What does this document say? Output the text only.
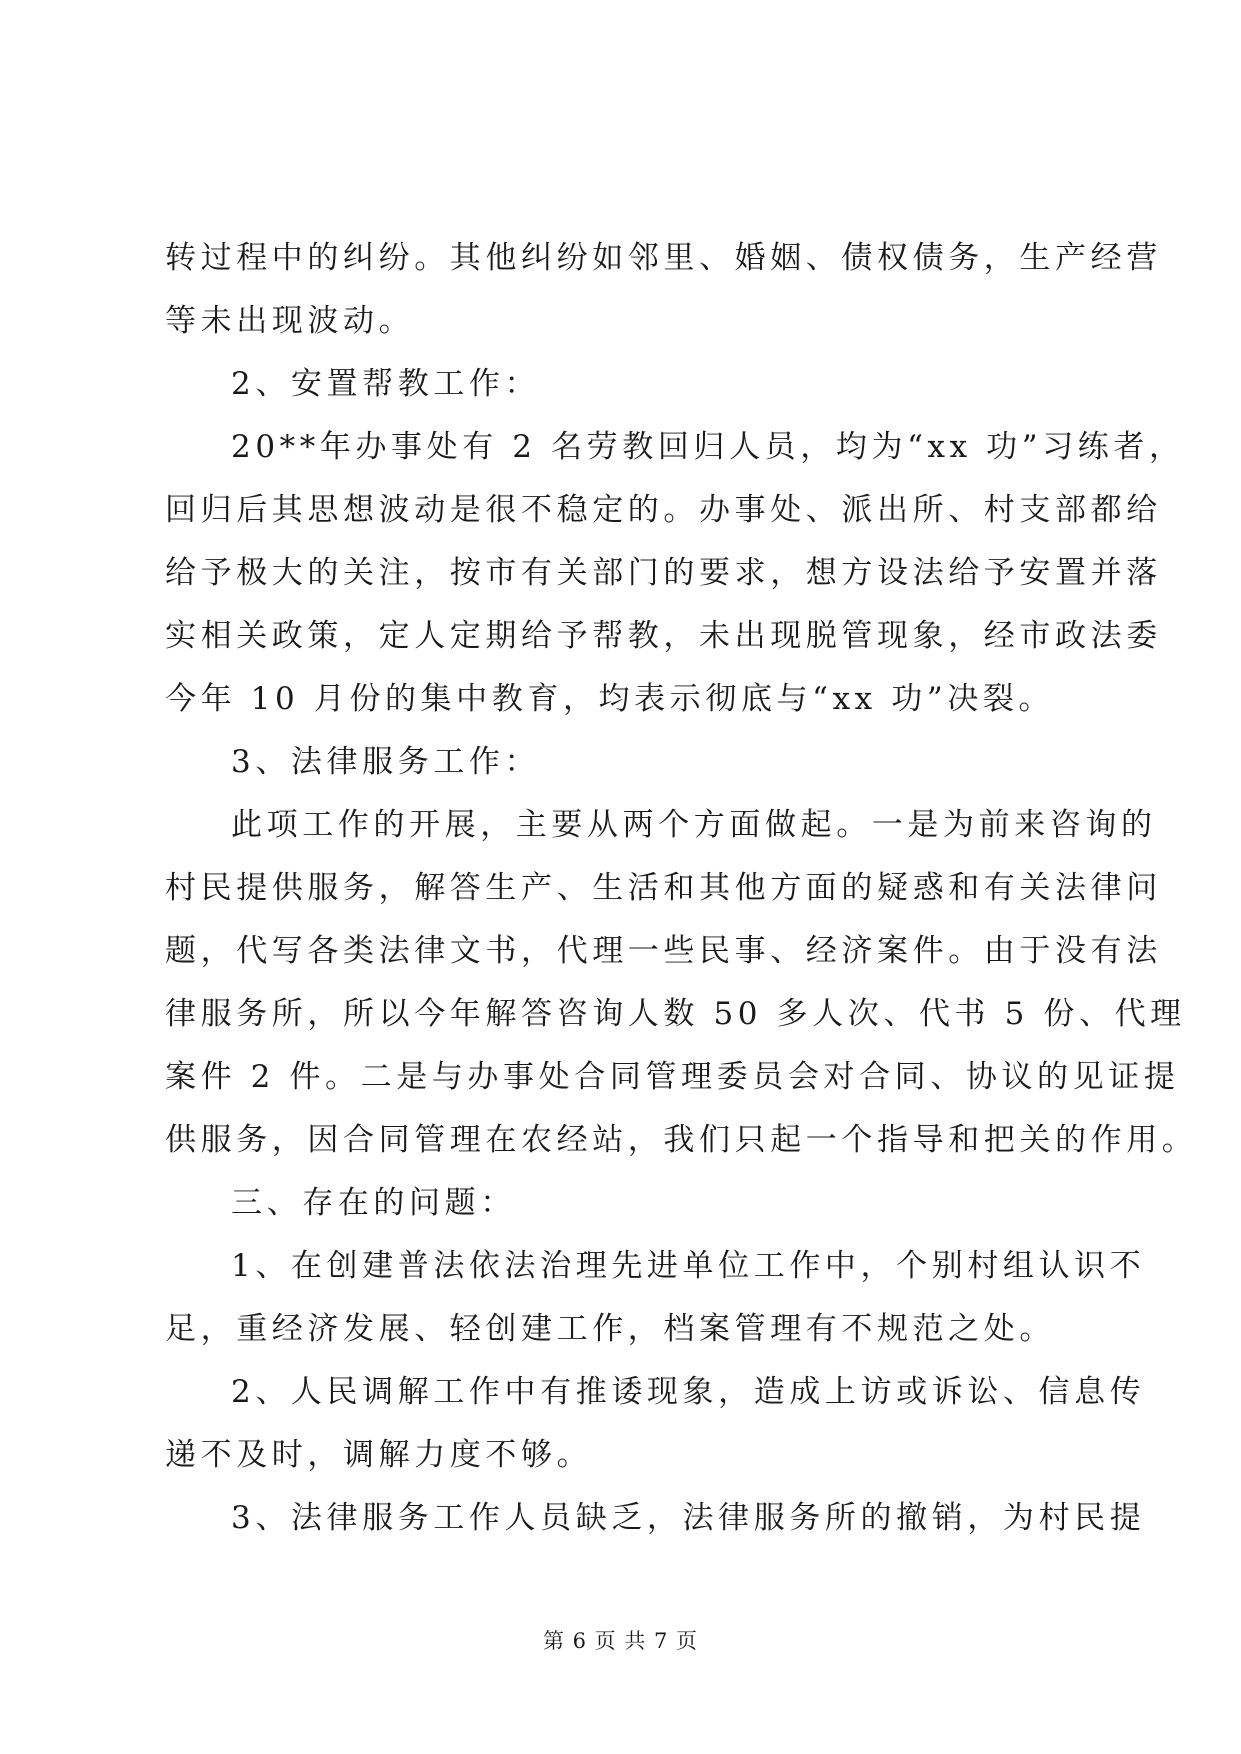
转过程中的纠纷。其他纠纷如邻里、婚姻、债权债务，生产经营
等未出现波动。
2、安置帮教工作：
20**年办事处有 2 名劳教回归人员，均为“xx 功”习练者，
回归后其思想波动是很不稳定的。办事处、派出所、村支部都给
给予极大的关注，按市有关部门的要求，想方设法给予安置并落
实相关政策，定人定期给予帮教，未出现脱管现象，经市政法委
今年 10 月份的集中教育，均表示彻底与“xx 功”决裂。
3、法律服务工作：
此项工作的开展，主要从两个方面做起。一是为前来咨询的
村民提供服务，解答生产、生活和其他方面的疑惑和有关法律问
题，代写各类法律文书，代理一些民事、经济案件。由于没有法
律服务所，所以今年解答咨询人数 50 多人次、代书 5 份、代理
案件 2 件。二是与办事处合同管理委员会对合同、协议的见证提
供服务，因合同管理在农经站，我们只起一个指导和把关的作用。
三、存在的问题：
1、在创建普法依法治理先进单位工作中，个别村组认识不
足，重经济发展、轻创建工作，档案管理有不规范之处。
2、人民调解工作中有推诿现象，造成上访或诉讼、信息传
递不及时，调解力度不够。
3、法律服务工作人员缺乏，法律服务所的撤销，为村民提
第 6 页 共 7 页
